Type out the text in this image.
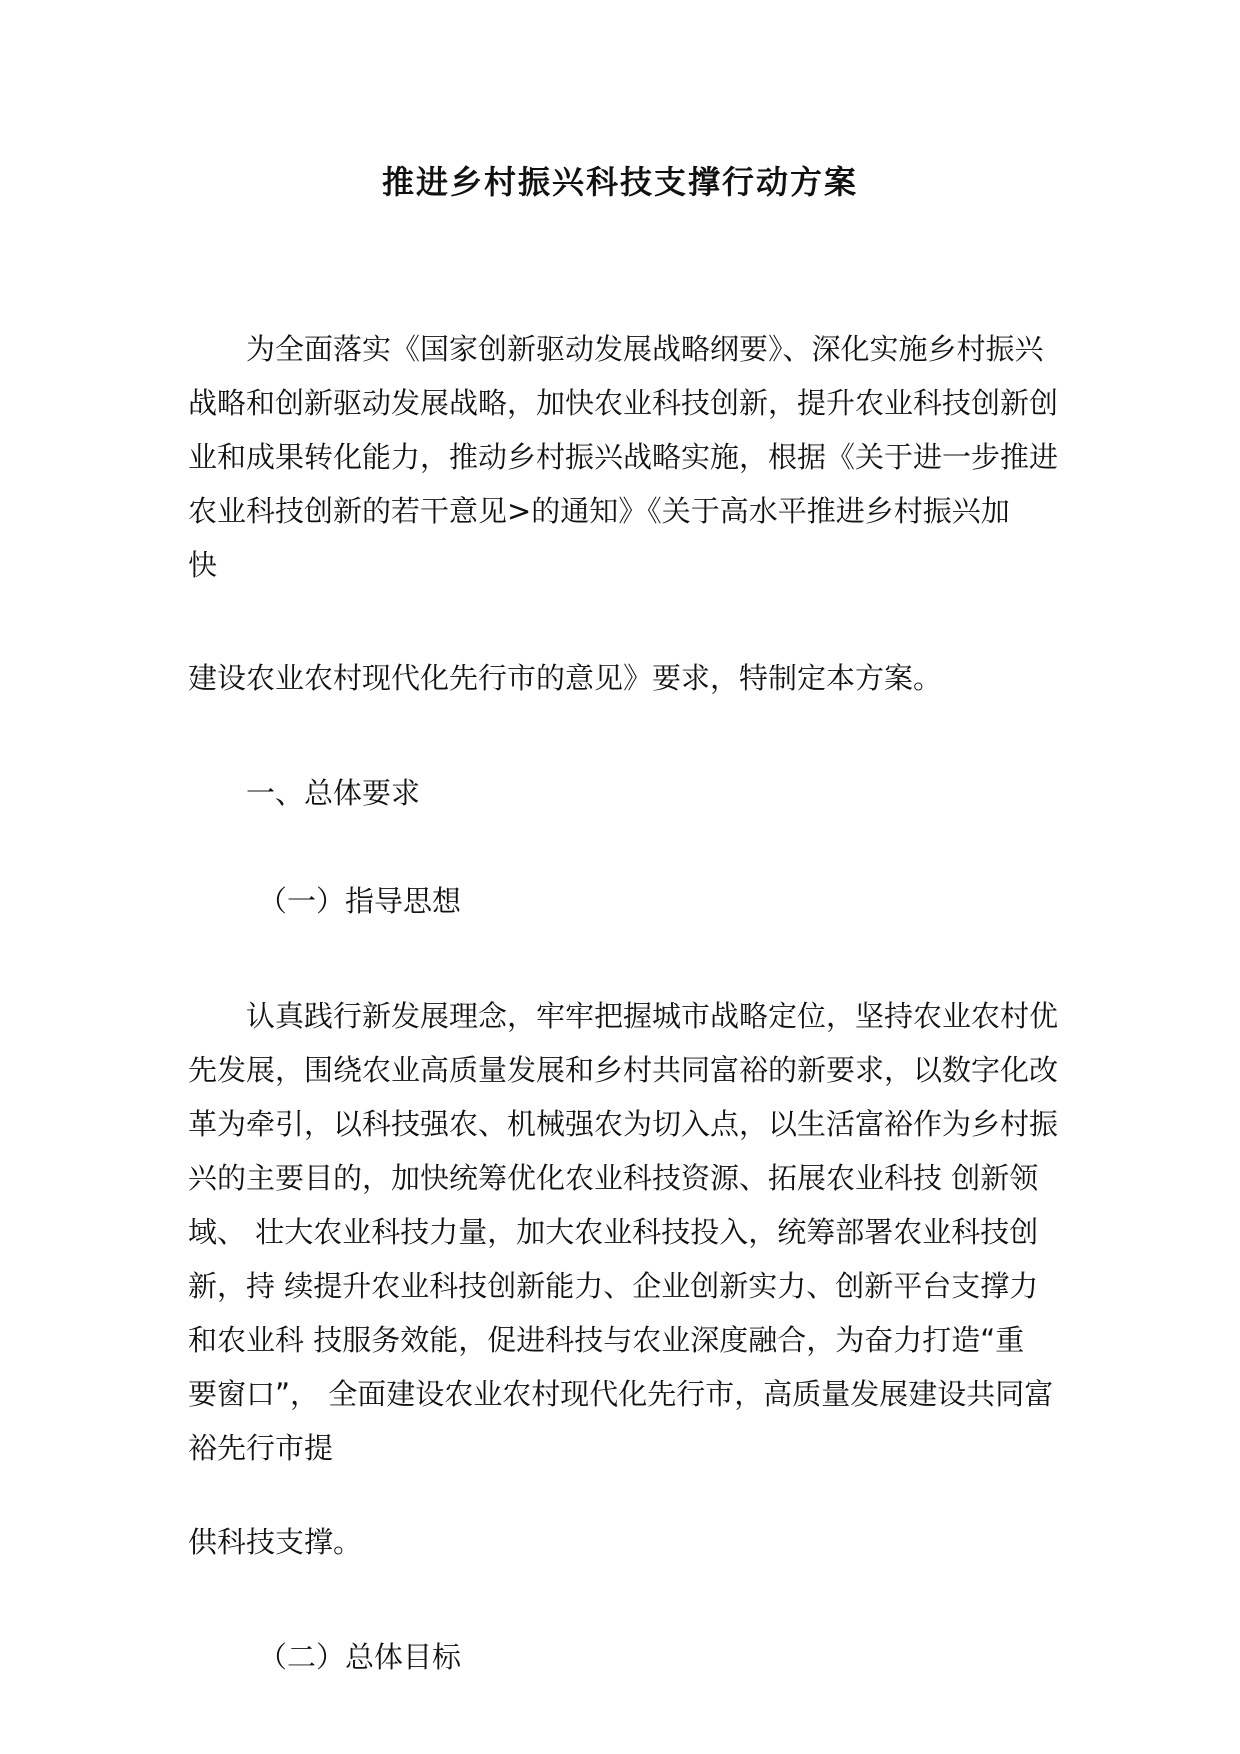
推进乡村振兴科技支撑行动方案
为全面落实《国家创新驱动发展战略纲要》、深化实施乡村振兴
战略和创新驱动发展战略，加快农业科技创新，提升农业科技创新创
业和成果转化能力，推动乡村振兴战略实施，根据《关于进一步推进
农业科技创新的若干意见>的通知》《关于高水平推进乡村振兴加
快
建设农业农村现代化先行市的意见》要求，特制定本方案。
一、总体要求
（一）指导思想
认真践行新发展理念，牢牢把握城市战略定位，坚持农业农村优
先发展，围绕农业高质量发展和乡村共同富裕的新要求，以数字化改
革为牵引，以科技强农、机械强农为切入点，以生活富裕作为乡村振
兴的主要目的，加快统筹优化农业科技资源、拓展农业科技 创新领
域、 壮大农业科技力量，加大农业科技投入，统筹部署农业科技创
新，持 续提升农业科技创新能力、企业创新实力、创新平台支撑力
和农业科 技服务效能，促进科技与农业深度融合，为奋力打造“重
要窗口”， 全面建设农业农村现代化先行市，高质量发展建设共同富
裕先行市提
供科技支撑。
（二）总体目标
